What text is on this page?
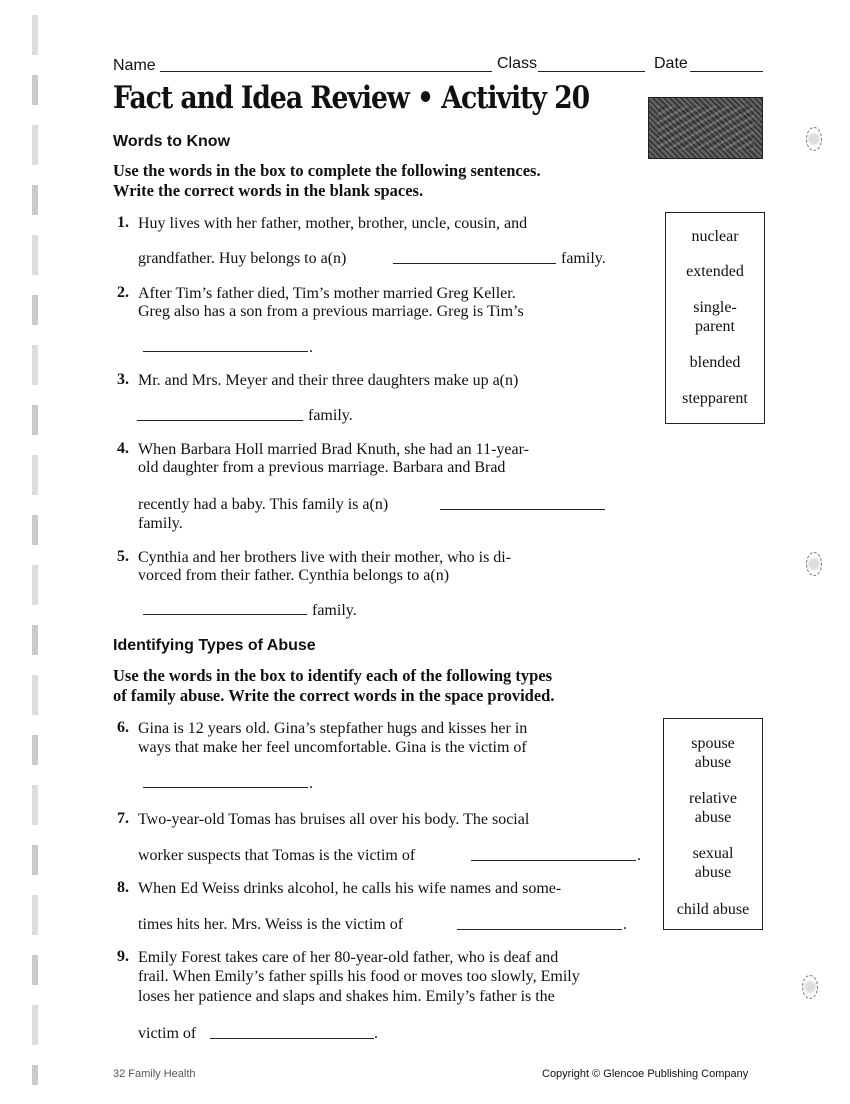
Name	Class	Date
Fact and Idea Review • Activity 20
Words to Know
Use the words in the box to complete the following sentences.
Write the correct words in the blank spaces.
1. Huy lives with her father, mother, brother, uncle, cousin, and
grandfather. Huy belongs to a(n)	family.
2. After Tim’s father died, Tim’s mother married Greg Keller.
Greg also has a son from a previous marriage. Greg is Tim’s
.
3. Mr. and Mrs. Meyer and their three daughters make up a(n)
family.
4. When Barbara Holl married Brad Knuth, she had an 11-year-
old daughter from a previous marriage. Barbara and Brad
recently had a baby. This family is a(n)
family.
5. Cynthia and her brothers live with their mother, who is di-
vorced from their father. Cynthia belongs to a(n)
family.
nuclear
extended
single-
parent
blended
stepparent
Identifying Types of Abuse
Use the words in the box to identify each of the following types
of family abuse. Write the correct words in the space provided.
6. Gina is 12 years old. Gina’s stepfather hugs and kisses her in
ways that make her feel uncomfortable. Gina is the victim of
.
7. Two-year-old Tomas has bruises all over his body. The social
worker suspects that Tomas is the victim of	.
8. When Ed Weiss drinks alcohol, he calls his wife names and some-
times hits her. Mrs. Weiss is the victim of	.
9. Emily Forest takes care of her 80-year-old father, who is deaf and
frail. When Emily’s father spills his food or moves too slowly, Emily
loses her patience and slaps and shakes him. Emily’s father is the
victim of	.
spouse
abuse
relative
abuse
sexual
abuse
child abuse
32 Family Health	Copyright © Glencoe Publishing Company
